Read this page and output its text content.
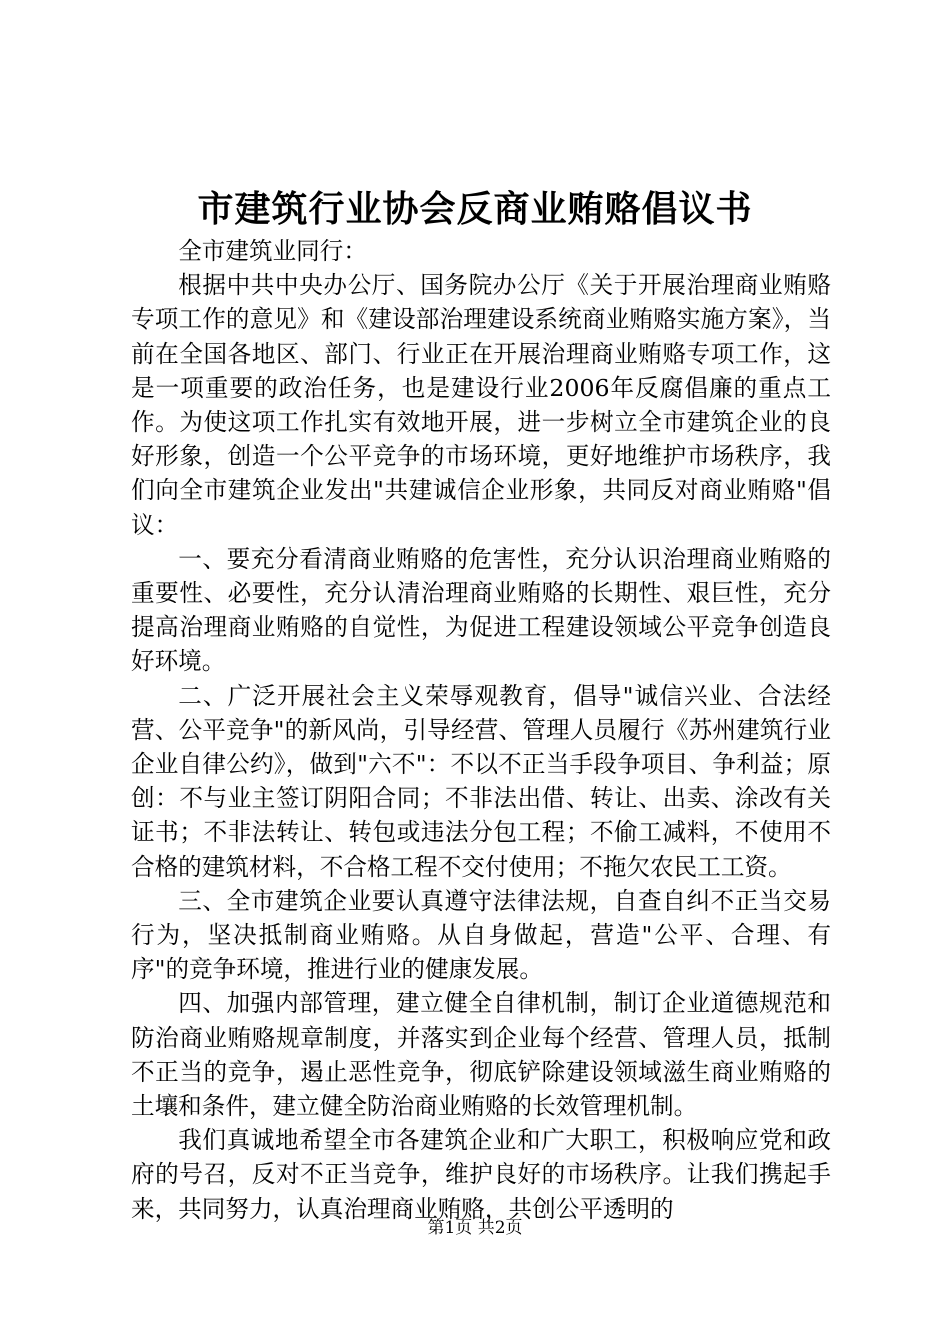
市建筑行业协会反商业贿赂倡议书

全市建筑业同行：

根据中共中央办公厅、国务院办公厅《关于开展治理商业贿赂专项工作的意见》和《建设部治理建设系统商业贿赂实施方案》，当前在全国各地区、部门、行业正在开展治理商业贿赂专项工作，这是一项重要的政治任务，也是建设行业2006年反腐倡廉的重点工作。为使这项工作扎实有效地开展，进一步树立全市建筑企业的良好形象，创造一个公平竞争的市场环境，更好地维护市场秩序，我们向全市建筑企业发出"共建诚信企业形象，共同反对商业贿赂"倡议：

一、要充分看清商业贿赂的危害性，充分认识治理商业贿赂的重要性、必要性，充分认清治理商业贿赂的长期性、艰巨性，充分提高治理商业贿赂的自觉性，为促进工程建设领域公平竞争创造良好环境。

二、广泛开展社会主义荣辱观教育，倡导"诚信兴业、合法经营、公平竞争"的新风尚，引导经营、管理人员履行《苏州建筑行业企业自律公约》，做到"六不"：不以不正当手段争项目、争利益；原创：不与业主签订阴阳合同；不非法出借、转让、出卖、涂改有关证书；不非法转让、转包或违法分包工程；不偷工减料，不使用不合格的建筑材料，不合格工程不交付使用；不拖欠农民工工资。

三、全市建筑企业要认真遵守法律法规，自查自纠不正当交易行为，坚决抵制商业贿赂。从自身做起，营造"公平、合理、有序"的竞争环境，推进行业的健康发展。

四、加强内部管理，建立健全自律机制，制订企业道德规范和防治商业贿赂规章制度，并落实到企业每个经营、管理人员，抵制不正当的竞争，遏止恶性竞争，彻底铲除建设领域滋生商业贿赂的土壤和条件，建立健全防治商业贿赂的长效管理机制。

我们真诚地希望全市各建筑企业和广大职工，积极响应党和政府的号召，反对不正当竞争，维护良好的市场秩序。让我们携起手来，共同努力，认真治理商业贿赂，共创公平透明的

第1页 共2页
